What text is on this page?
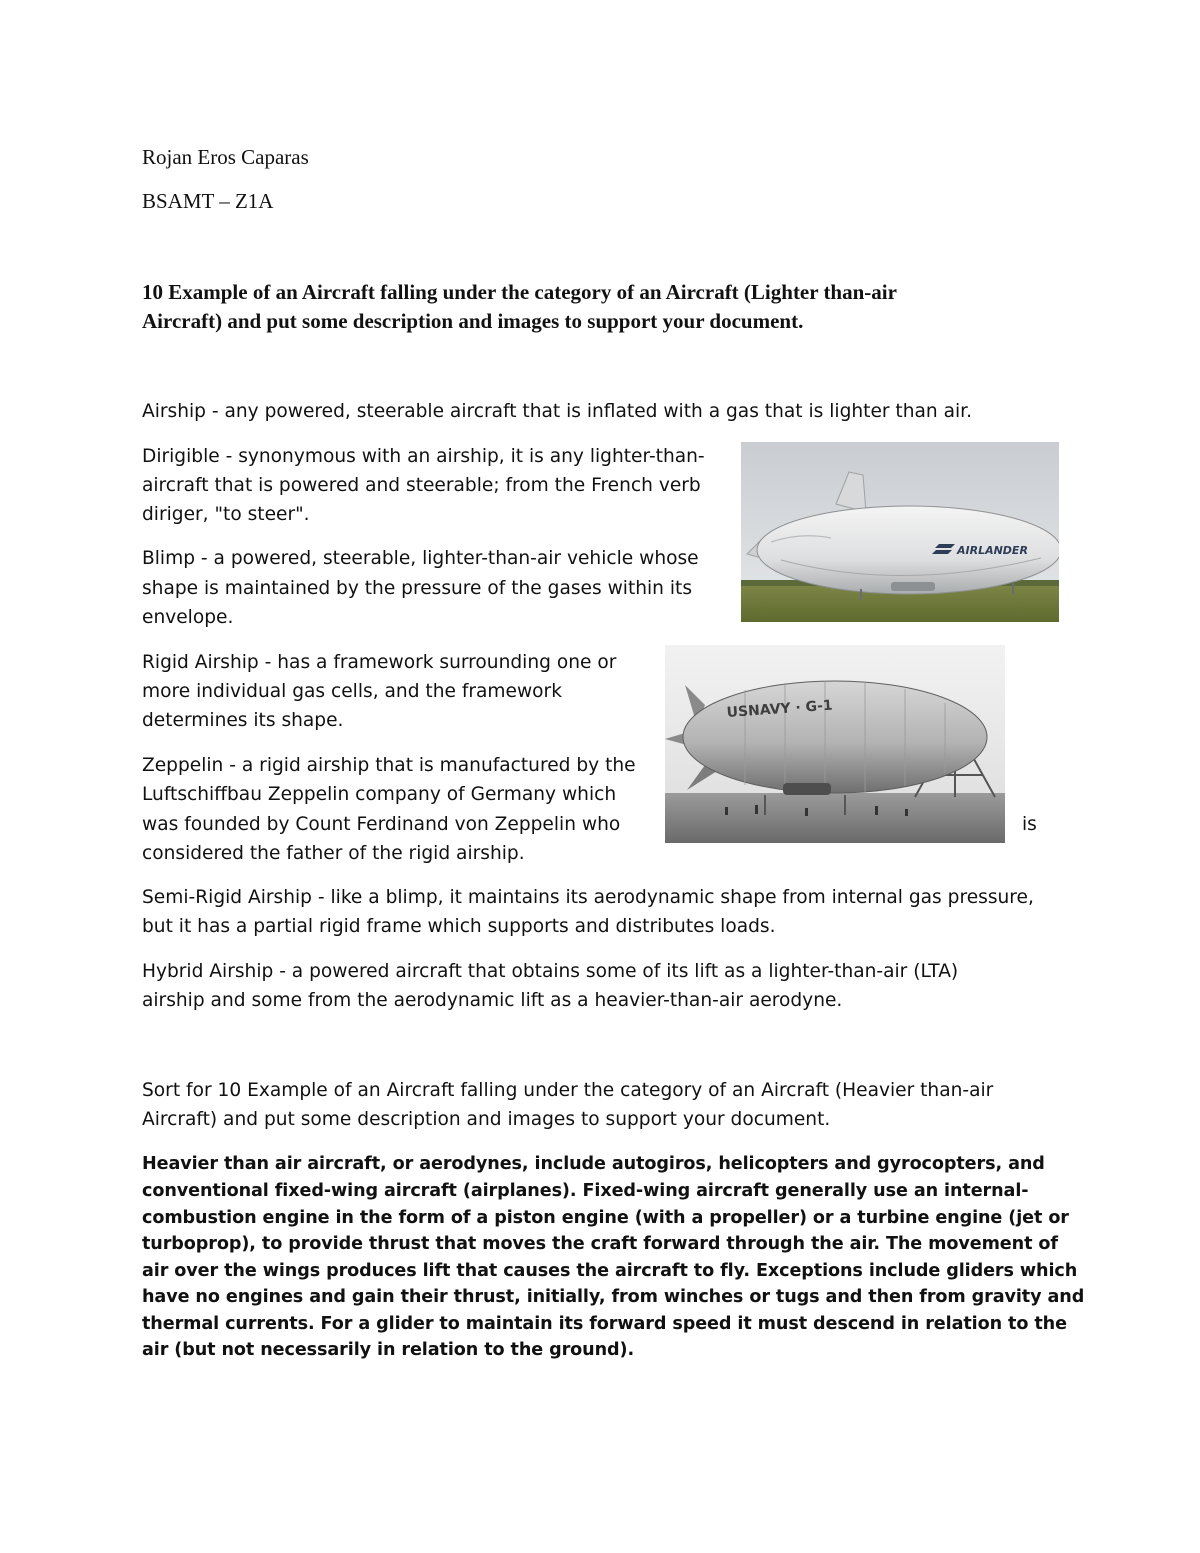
Rojan Eros Caparas
BSAMT – Z1A
10 Example of an Aircraft falling under the category of an Aircraft (Lighter than-air
Aircraft) and put some description and images to support your document.
Airship - any powered, steerable aircraft that is inflated with a gas that is lighter than air.
Dirigible - synonymous with an airship, it is any lighter-than-
aircraft that is powered and steerable; from the French verb
diriger, "to steer".
Blimp - a powered, steerable, lighter-than-air vehicle whose
shape is maintained by the pressure of the gases within its
envelope.
Rigid Airship - has a framework surrounding one or
more individual gas cells, and the framework
determines its shape.
Zeppelin - a rigid airship that is manufactured by the
Luftschiffbau Zeppelin company of Germany which
was founded by Count Ferdinand von Zeppelin who	is
considered the father of the rigid airship.
Semi-Rigid Airship - like a blimp, it maintains its aerodynamic shape from internal gas pressure,
but it has a partial rigid frame which supports and distributes loads.
Hybrid Airship - a powered aircraft that obtains some of its lift as a lighter-than-air (LTA)
airship and some from the aerodynamic lift as a heavier-than-air aerodyne.
Sort for 10 Example of an Aircraft falling under the category of an Aircraft (Heavier than-air
Aircraft) and put some description and images to support your document.
Heavier than air aircraft, or aerodynes, include autogiros, helicopters and gyrocopters, and
conventional fixed-wing aircraft (airplanes). Fixed-wing aircraft generally use an internal-
combustion engine in the form of a piston engine (with a propeller) or a turbine engine (jet or
turboprop), to provide thrust that moves the craft forward through the air. The movement of
air over the wings produces lift that causes the aircraft to fly. Exceptions include gliders which
have no engines and gain their thrust, initially, from winches or tugs and then from gravity and
thermal currents. For a glider to maintain its forward speed it must descend in relation to the
air (but not necessarily in relation to the ground).
AIRLANDER
USNAVY · G-1
